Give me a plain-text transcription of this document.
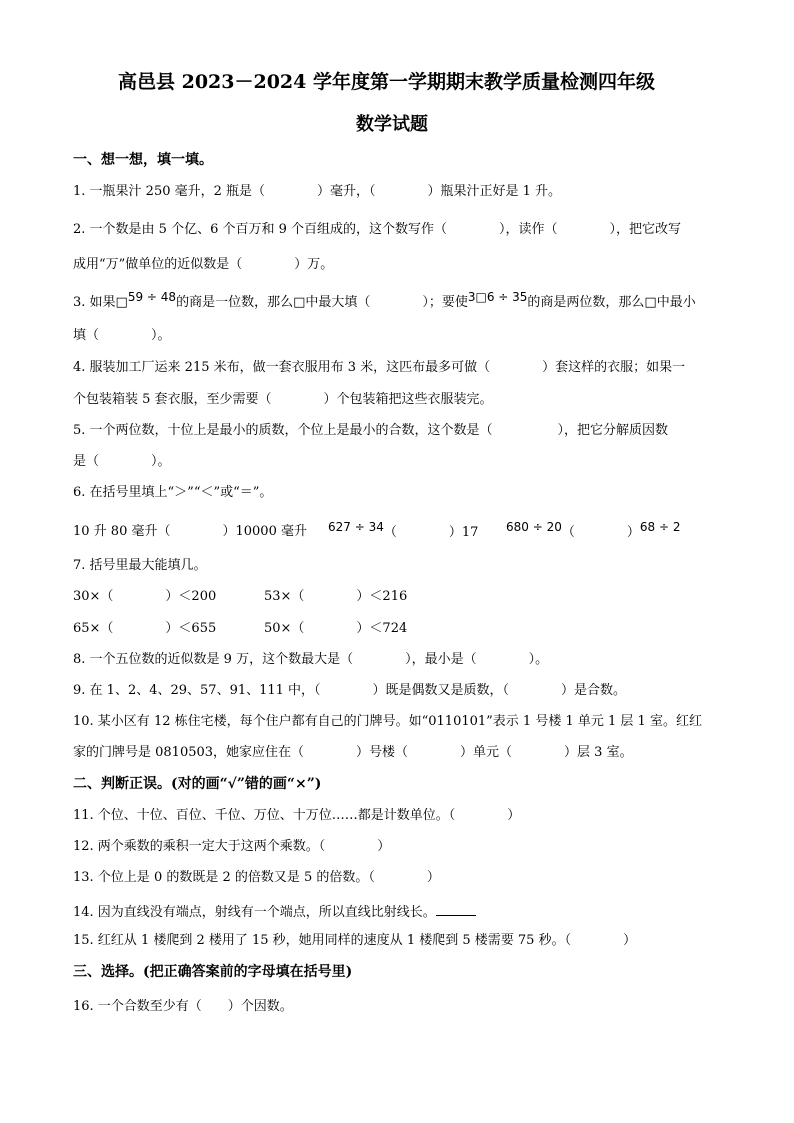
高邑县 2023－2024 学年度第一学期期末教学质量检测四年级
数学试题
一、想一想，填一填。
1. 一瓶果汁 250 毫升，2 瓶是（　　　　）毫升，（　　　　）瓶果汁正好是 1 升。
2. 一个数是由 5 个亿、6 个百万和 9 个百组成的，这个数写作（　　　　），读作（　　　　），把它改写
成用“万”做单位的近似数是（　　　　）万。
3. 如果□59 ÷ 48的商是一位数，那么□中最大填（　　　　）；要使3□6 ÷ 35的商是两位数，那么□中最小
填（　　　　）。
4. 服装加工厂运来 215 米布，做一套衣服用布 3 米，这匹布最多可做（　　　　）套这样的衣服；如果一
个包装箱装 5 套衣服，至少需要（　　　　）个包装箱把这些衣服装完。
5. 一个两位数，十位上是最小的质数，个位上是最小的合数，这个数是（　　　　　），把它分解质因数
是（　　　　）。
6. 在括号里填上“＞”“＜”或“＝”。
10 升 80 毫升（　　　　）10000 毫升 627 ÷ 34（　　　　）17 680 ÷ 20（　　　　）68 ÷ 2
7. 括号里最大能填几。
30×（　　　　）＜200	53×（　　　　）＜216
65×（　　　　）＜655	50×（　　　　）＜724
8. 一个五位数的近似数是 9 万，这个数最大是（　　　　），最小是（　　　　）。
9. 在 1、2、4、29、57、91、111 中，（　　　　）既是偶数又是质数，（　　　　）是合数。
10. 某小区有 12 栋住宅楼，每个住户都有自己的门牌号。如“0110101”表示 1 号楼 1 单元 1 层 1 室。红红
家的门牌号是 0810503，她家应住在（　　　　）号楼（　　　　）单元（　　　　）层 3 室。
二、判断正误。(对的画“√”错的画“×”)
11. 个位、十位、百位、千位、万位、十万位……都是计数单位。（　　　　）
12. 两个乘数的乘积一定大于这两个乘数。（　　　　）
13. 个位上是 0 的数既是 2 的倍数又是 5 的倍数。（　　　　）
14. 因为直线没有端点，射线有一个端点，所以直线比射线长。
15. 红红从 1 楼爬到 2 楼用了 15 秒，她用同样的速度从 1 楼爬到 5 楼需要 75 秒。（　　　　）
三、选择。(把正确答案前的字母填在括号里)
16. 一个合数至少有（　　）个因数。
